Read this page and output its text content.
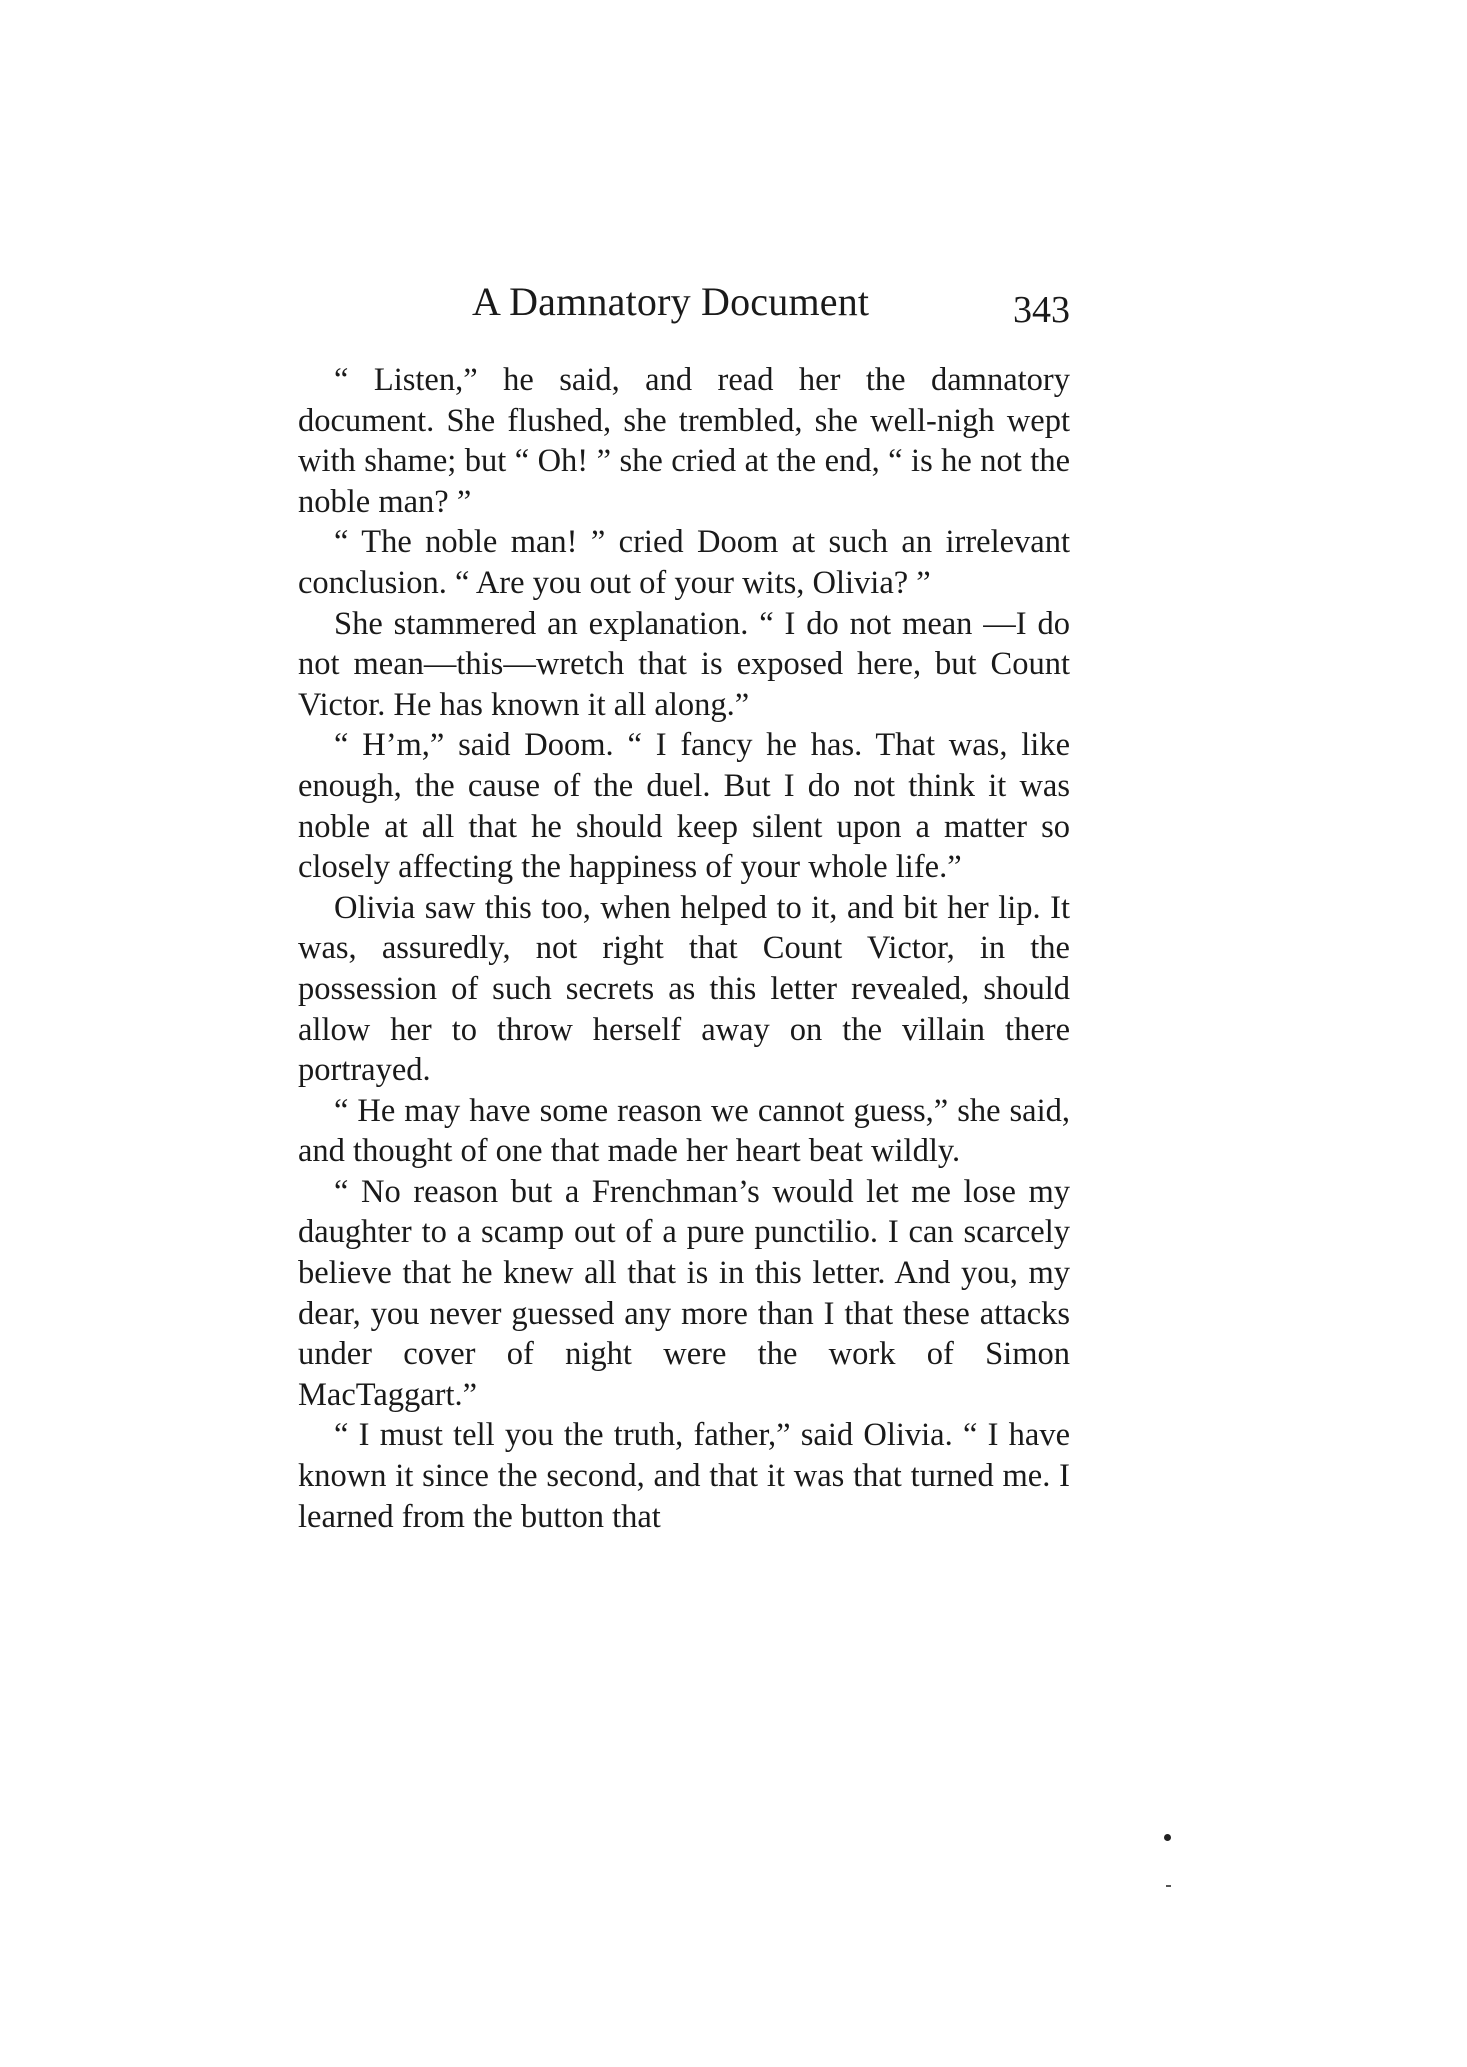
A Damnatory Document	343

“ Listen,” he said, and read her the damnatory document. She flushed, she trembled, she well-nigh wept with shame; but “ Oh! ” she cried at the end, “ is he not the noble man? ”

“ The noble man! ” cried Doom at such an irrelevant conclusion. “ Are you out of your wits, Olivia? ”

She stammered an explanation. “ I do not mean —I do not mean—this—wretch that is exposed here, but Count Victor. He has known it all along.”

“ H’m,” said Doom. “ I fancy he has. That was, like enough, the cause of the duel. But I do not think it was noble at all that he should keep silent upon a matter so closely affecting the happiness of your whole life.”

Olivia saw this too, when helped to it, and bit her lip. It was, assuredly, not right that Count Victor, in the possession of such secrets as this letter revealed, should allow her to throw herself away on the villain there portrayed.

“ He may have some reason we cannot guess,” she said, and thought of one that made her heart beat wildly.

“ No reason but a Frenchman’s would let me lose my daughter to a scamp out of a pure punctilio. I can scarcely believe that he knew all that is in this letter. And you, my dear, you never guessed any more than I that these attacks under cover of night were the work of Simon MacTaggart.”

“ I must tell you the truth, father,” said Olivia. “ I have known it since the second, and that it was that turned me. I learned from the button that
